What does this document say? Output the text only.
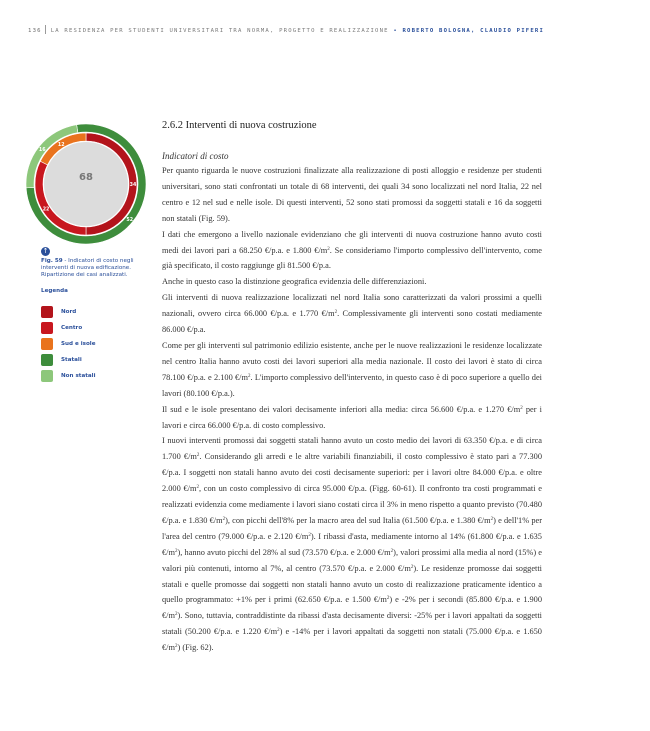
136 LA RESIDENZA PER STUDENTI UNIVERSITARI TRA NORMA, PROGETTO E REALIZZAZIONE • ROBERTO BOLOGNA, CLAUDIO PIFERI
52
16
34
22
12
68
↑
Fig. 59 - Indicatori di costo negli interventi di nuova edificazione. Ripartizione dei casi analizzati.
Legenda
Nord
Centro
Sud e isole
Statali
Non statali
2.6.2 Interventi di nuova costruzione
Indicatori di costo

Per quanto riguarda le nuove costruzioni finalizzate alla realizzazione di posti alloggio e residenze per studenti universitari, sono stati confrontati un totale di 68 interventi, dei quali 34 sono localizzati nel nord Italia, 22 nel centro e 12 nel sud e nelle isole. Di questi interventi, 52 sono stati promossi da soggetti statali e 16 da soggetti non statali (Fig. 59).

I dati che emergono a livello nazionale evidenziano che gli interventi di nuova costruzione hanno avuto costi medi dei lavori pari a 68.250 €/p.a. e 1.800 $€/m^2$. Se consideriamo l'importo complessivo dell'intervento, come già specificato, il costo raggiunge gli 81.500 €/p.a.

Anche in questo caso la distinzione geografica evidenzia delle differenziazioni.

Gli interventi di nuova realizzazione localizzati nel nord Italia sono caratterizzati da valori prossimi a quelli nazionali, ovvero circa 66.000 €/p.a. e 1.770 $€/m^2$. Complessivamente gli interventi sono costati mediamente 86.000 €/p.a.

Come per gli interventi sul patrimonio edilizio esistente, anche per le nuove realizzazioni le residenze localizzate nel centro Italia hanno avuto costi dei lavori superiori alla media nazionale. Il costo dei lavori è stato di circa 78.100 €/p.a. e 2.100 $€/m^2$. L'importo complessivo dell'intervento, in questo caso è di poco superiore a quello dei lavori (80.100 €/p.a.).

Il sud e le isole presentano dei valori decisamente inferiori alla media: circa 56.600 €/p.a. e 1.270 $€/m^2$ per i lavori e circa 66.000 €/p.a. di costo complessivo.

I nuovi interventi promossi dai soggetti statali hanno avuto un costo medio dei lavori di 63.350 €/p.a. e di circa 1.700 $€/m^2$. Considerando gli arredi e le altre variabili finanziabili, il costo complessivo è stato pari a 77.300 €/p.a. I soggetti non statali hanno avuto dei costi decisamente superiori: per i lavori oltre 84.000 €/p.a. e oltre 2.000 $€/m^2$, con un costo complessivo di circa 95.000 €/p.a. (Figg. 60-61). Il confronto tra costi programmati e realizzati evidenzia come mediamente i lavori siano costati circa il 3% in meno rispetto a quanto previsto (70.480 €/p.a. e 1.830 $€/m^2$), con picchi dell'8% per la macro area del sud Italia (61.500 €/p.a. e 1.380 $€/m^2$) e dell'1% per l'area del centro (79.000 €/p.a. e 2.120 $€/m^2$). I ribassi d'asta, mediamente intorno al 14% (61.800 €/p.a. e 1.635 $€/m^2$), hanno avuto picchi del 28% al sud (73.570 €/p.a. e 2.000 $€/m^2$), valori prossimi alla media al nord (15%) e valori più contenuti, intorno al 7%, al centro (73.570 €/p.a. e 2.000 $€/m^2$). Le residenze promosse dai soggetti statali e quelle promosse dai soggetti non statali hanno avuto un costo di realizzazione praticamente identico a quello programmato: +1% per i primi (62.650 €/p.a. e 1.500 $€/m^2$) e -2% per i secondi (85.800 €/p.a. e 1.900 $€/m^2$). Sono, tuttavia, contraddistinte da ribassi d'asta decisamente diversi: -25% per i lavori appaltati da soggetti statali (50.200 €/p.a. e 1.220 $€/m^2$) e -14% per i lavori appaltati da soggetti non statali (75.000 €/p.a. e 1.650 $€/m^2$) (Fig. 62).
